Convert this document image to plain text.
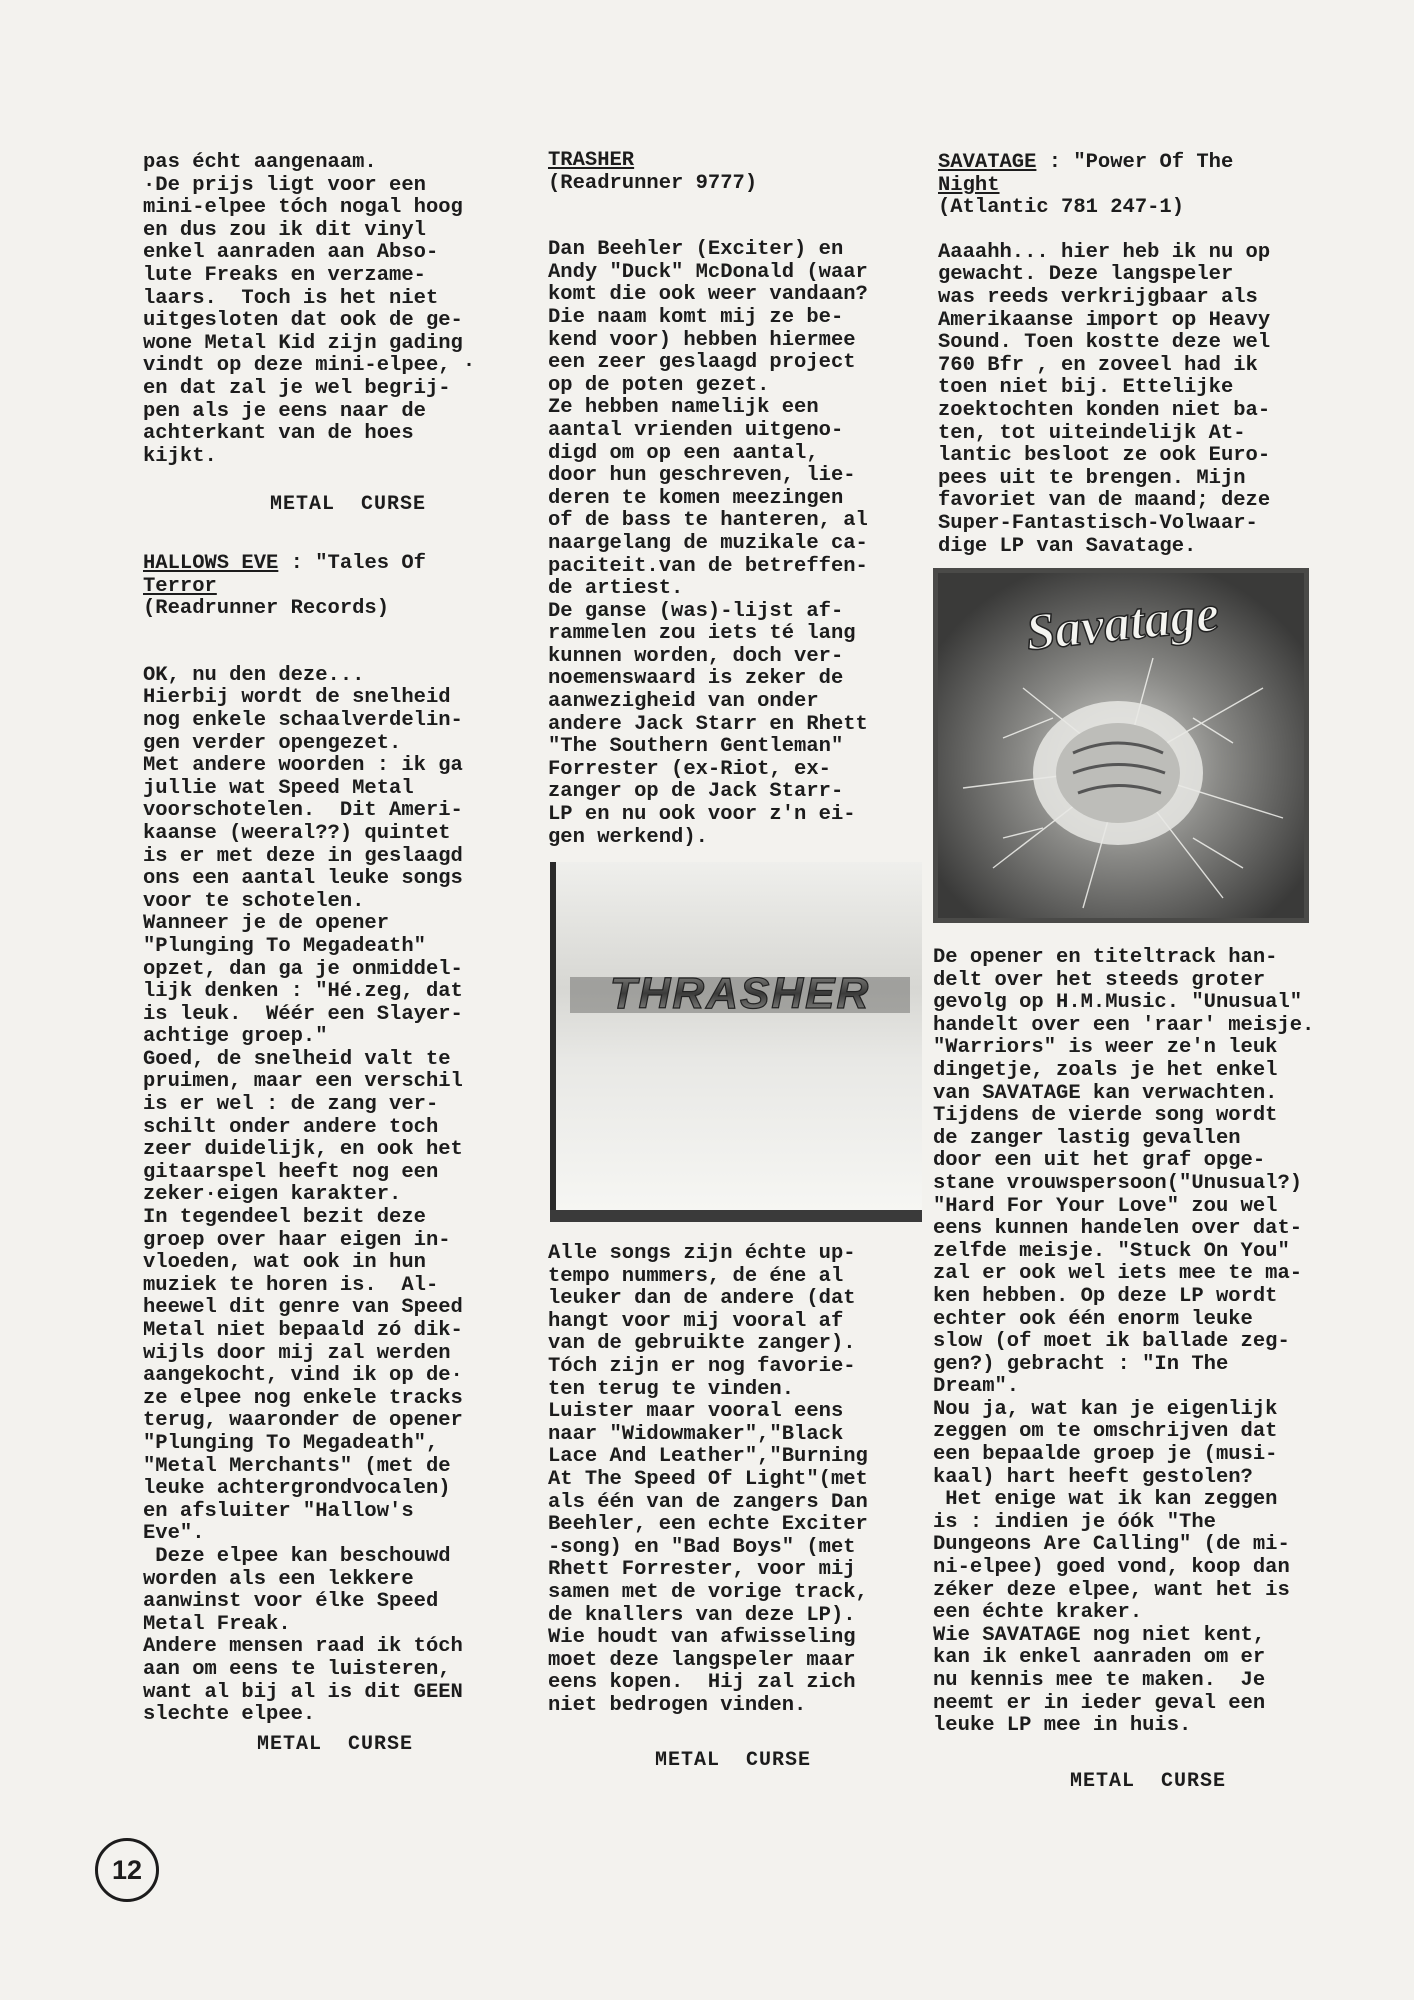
pas écht aangenaam.

·De prijs ligt voor een

mini-elpee tóch nogal hoog

en dus zou ik dit vinyl

enkel aanraden aan Abso-

lute Freaks en verzame-

laars.  Toch is het niet

uitgesloten dat ook de ge-

wone Metal Kid zijn gading

vindt op deze mini-elpee, ·

en dat zal je wel begrij-

pen als je eens naar de

achterkant van de hoes

kijkt.

METAL  CURSE

HALLOWS EVE : "Tales Of

Terror

(Readrunner Records)

OK, nu den deze...

Hierbij wordt de snelheid

nog enkele schaalverdelin-

gen verder opengezet.

Met andere woorden : ik ga

jullie wat Speed Metal

voorschotelen.  Dit Ameri-

kaanse (weeral??) quintet

is er met deze in geslaagd

ons een aantal leuke songs

voor te schotelen.

Wanneer je de opener

"Plunging To Megadeath"

opzet, dan ga je onmiddel-

lijk denken : "Hé.zeg, dat

is leuk.  Wéér een Slayer-

achtige groep."

Goed, de snelheid valt te

pruimen, maar een verschil

is er wel : de zang ver-

schilt onder andere toch

zeer duidelijk, en ook het

gitaarspel heeft nog een

zeker·eigen karakter.

In tegendeel bezit deze

groep over haar eigen in-

vloeden, wat ook in hun

muziek te horen is.  Al-

heewel dit genre van Speed

Metal niet bepaald zó dik-

wijls door mij zal werden

aangekocht, vind ik op de·

ze elpee nog enkele tracks

terug, waaronder de opener

"Plunging To Megadeath",

"Metal Merchants" (met de

leuke achtergrondvocalen)

en afsluiter "Hallow's

Eve".

Deze elpee kan beschouwd

worden als een lekkere

aanwinst voor élke Speed

Metal Freak.

Andere mensen raad ik tóch

aan om eens te luisteren,

want al bij al is dit GEEN

slechte elpee.

METAL  CURSE

TRASHER

(Readrunner 9777)

Dan Beehler (Exciter) en

Andy "Duck" McDonald (waar

komt die ook weer vandaan?

Die naam komt mij ze be-

kend voor) hebben hiermee

een zeer geslaagd project

op de poten gezet.

Ze hebben namelijk een

aantal vrienden uitgeno-

digd om op een aantal,

door hun geschreven, lie-

deren te komen meezingen

of de bass te hanteren, al

naargelang de muzikale ca-

paciteit.van de betreffen-

de artiest.

De ganse (was)-lijst af-

rammelen zou iets té lang

kunnen worden, doch ver-

noemenswaard is zeker de

aanwezigheid van onder

andere Jack Starr en Rhett

"The Southern Gentleman"

Forrester (ex-Riot, ex-

zanger op de Jack Starr-

LP en nu ook voor z'n ei-

gen werkend).

THRASHER

Alle songs zijn échte up-

tempo nummers, de éne al

leuker dan de andere (dat

hangt voor mij vooral af

van de gebruikte zanger).

Tóch zijn er nog favorie-

ten terug te vinden.

Luister maar vooral eens

naar "Widowmaker","Black

Lace And Leather","Burning

At The Speed Of Light"(met

als één van de zangers Dan

Beehler, een echte Exciter

-song) en "Bad Boys" (met

Rhett Forrester, voor mij

samen met de vorige track,

de knallers van deze LP).

Wie houdt van afwisseling

moet deze langspeler maar

eens kopen.  Hij zal zich

niet bedrogen vinden.

METAL  CURSE

SAVATAGE : "Power Of The

Night

(Atlantic 781 247-1)

Aaaahh... hier heb ik nu op

gewacht. Deze langspeler

was reeds verkrijgbaar als

Amerikaanse import op Heavy

Sound. Toen kostte deze wel

760 Bfr , en zoveel had ik

toen niet bij. Ettelijke

zoektochten konden niet ba-

ten, tot uiteindelijk At-

lantic besloot ze ook Euro-

pees uit te brengen. Mijn

favoriet van de maand; deze

Super-Fantastisch-Volwaar-

dige LP van Savatage.

Savatage

De opener en titeltrack han-

delt over het steeds groter

gevolg op H.M.Music. "Unusual"

handelt over een 'raar' meisje.

"Warriors" is weer ze'n leuk

dingetje, zoals je het enkel

van SAVATAGE kan verwachten.

Tijdens de vierde song wordt

de zanger lastig gevallen

door een uit het graf opge-

stane vrouwspersoon("Unusual?)

"Hard For Your Love" zou wel

eens kunnen handelen over dat-

zelfde meisje. "Stuck On You"

zal er ook wel iets mee te ma-

ken hebben. Op deze LP wordt

echter ook één enorm leuke

slow (of moet ik ballade zeg-

gen?) gebracht : "In The

Dream".

Nou ja, wat kan je eigenlijk

zeggen om te omschrijven dat

een bepaalde groep je (musi-

kaal) hart heeft gestolen?

Het enige wat ik kan zeggen

is : indien je óók "The

Dungeons Are Calling" (de mi-

ni-elpee) goed vond, koop dan

zéker deze elpee, want het is

een échte kraker.

Wie SAVATAGE nog niet kent,

kan ik enkel aanraden om er

nu kennis mee te maken.  Je

neemt er in ieder geval een

leuke LP mee in huis.

METAL  CURSE
12
